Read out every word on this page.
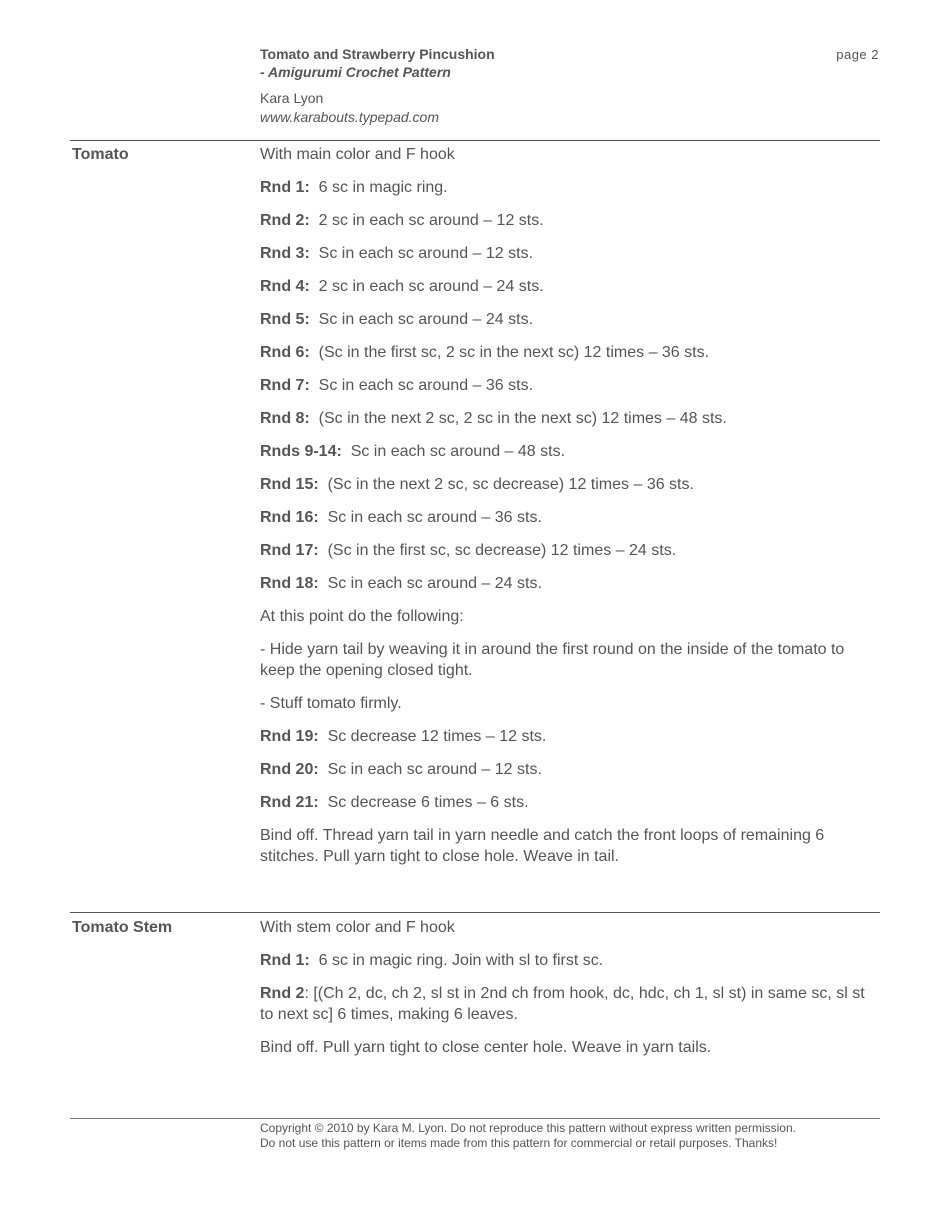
Tomato and Strawberry Pincushion
- Amigurumi Crochet Pattern
Kara Lyon
www.karabouts.typepad.com
page 2
Tomato	With main color and F hook

Rnd 1: 6 sc in magic ring.

Rnd 2: 2 sc in each sc around – 12 sts.

Rnd 3: Sc in each sc around – 12 sts.

Rnd 4: 2 sc in each sc around – 24 sts.

Rnd 5: Sc in each sc around – 24 sts.

Rnd 6: (Sc in the first sc, 2 sc in the next sc) 12 times – 36 sts.

Rnd 7: Sc in each sc around – 36 sts.

Rnd 8: (Sc in the next 2 sc, 2 sc in the next sc) 12 times – 48 sts.

Rnds 9-14: Sc in each sc around – 48 sts.

Rnd 15: (Sc in the next 2 sc, sc decrease) 12 times – 36 sts.

Rnd 16: Sc in each sc around – 36 sts.

Rnd 17: (Sc in the first sc, sc decrease) 12 times – 24 sts.

Rnd 18: Sc in each sc around – 24 sts.

At this point do the following:

- Hide yarn tail by weaving it in around the first round on the inside of the tomato to keep the opening closed tight.

- Stuff tomato firmly.

Rnd 19: Sc decrease 12 times – 12 sts.

Rnd 20: Sc in each sc around – 12 sts.

Rnd 21: Sc decrease 6 times – 6 sts.

Bind off. Thread yarn tail in yarn needle and catch the front loops of remaining 6 stitches. Pull yarn tight to close hole. Weave in tail.

Tomato Stem	With stem color and F hook

Rnd 1: 6 sc in magic ring. Join with sl to first sc.

Rnd 2: [(Ch 2, dc, ch 2, sl st in 2nd ch from hook, dc, hdc, ch 1, sl st) in same sc, sl st to next sc] 6 times, making 6 leaves.

Bind off. Pull yarn tight to close center hole. Weave in yarn tails.

Copyright © 2010 by Kara M. Lyon. Do not reproduce this pattern without express written permission.
Do not use this pattern or items made from this pattern for commercial or retail purposes. Thanks!
